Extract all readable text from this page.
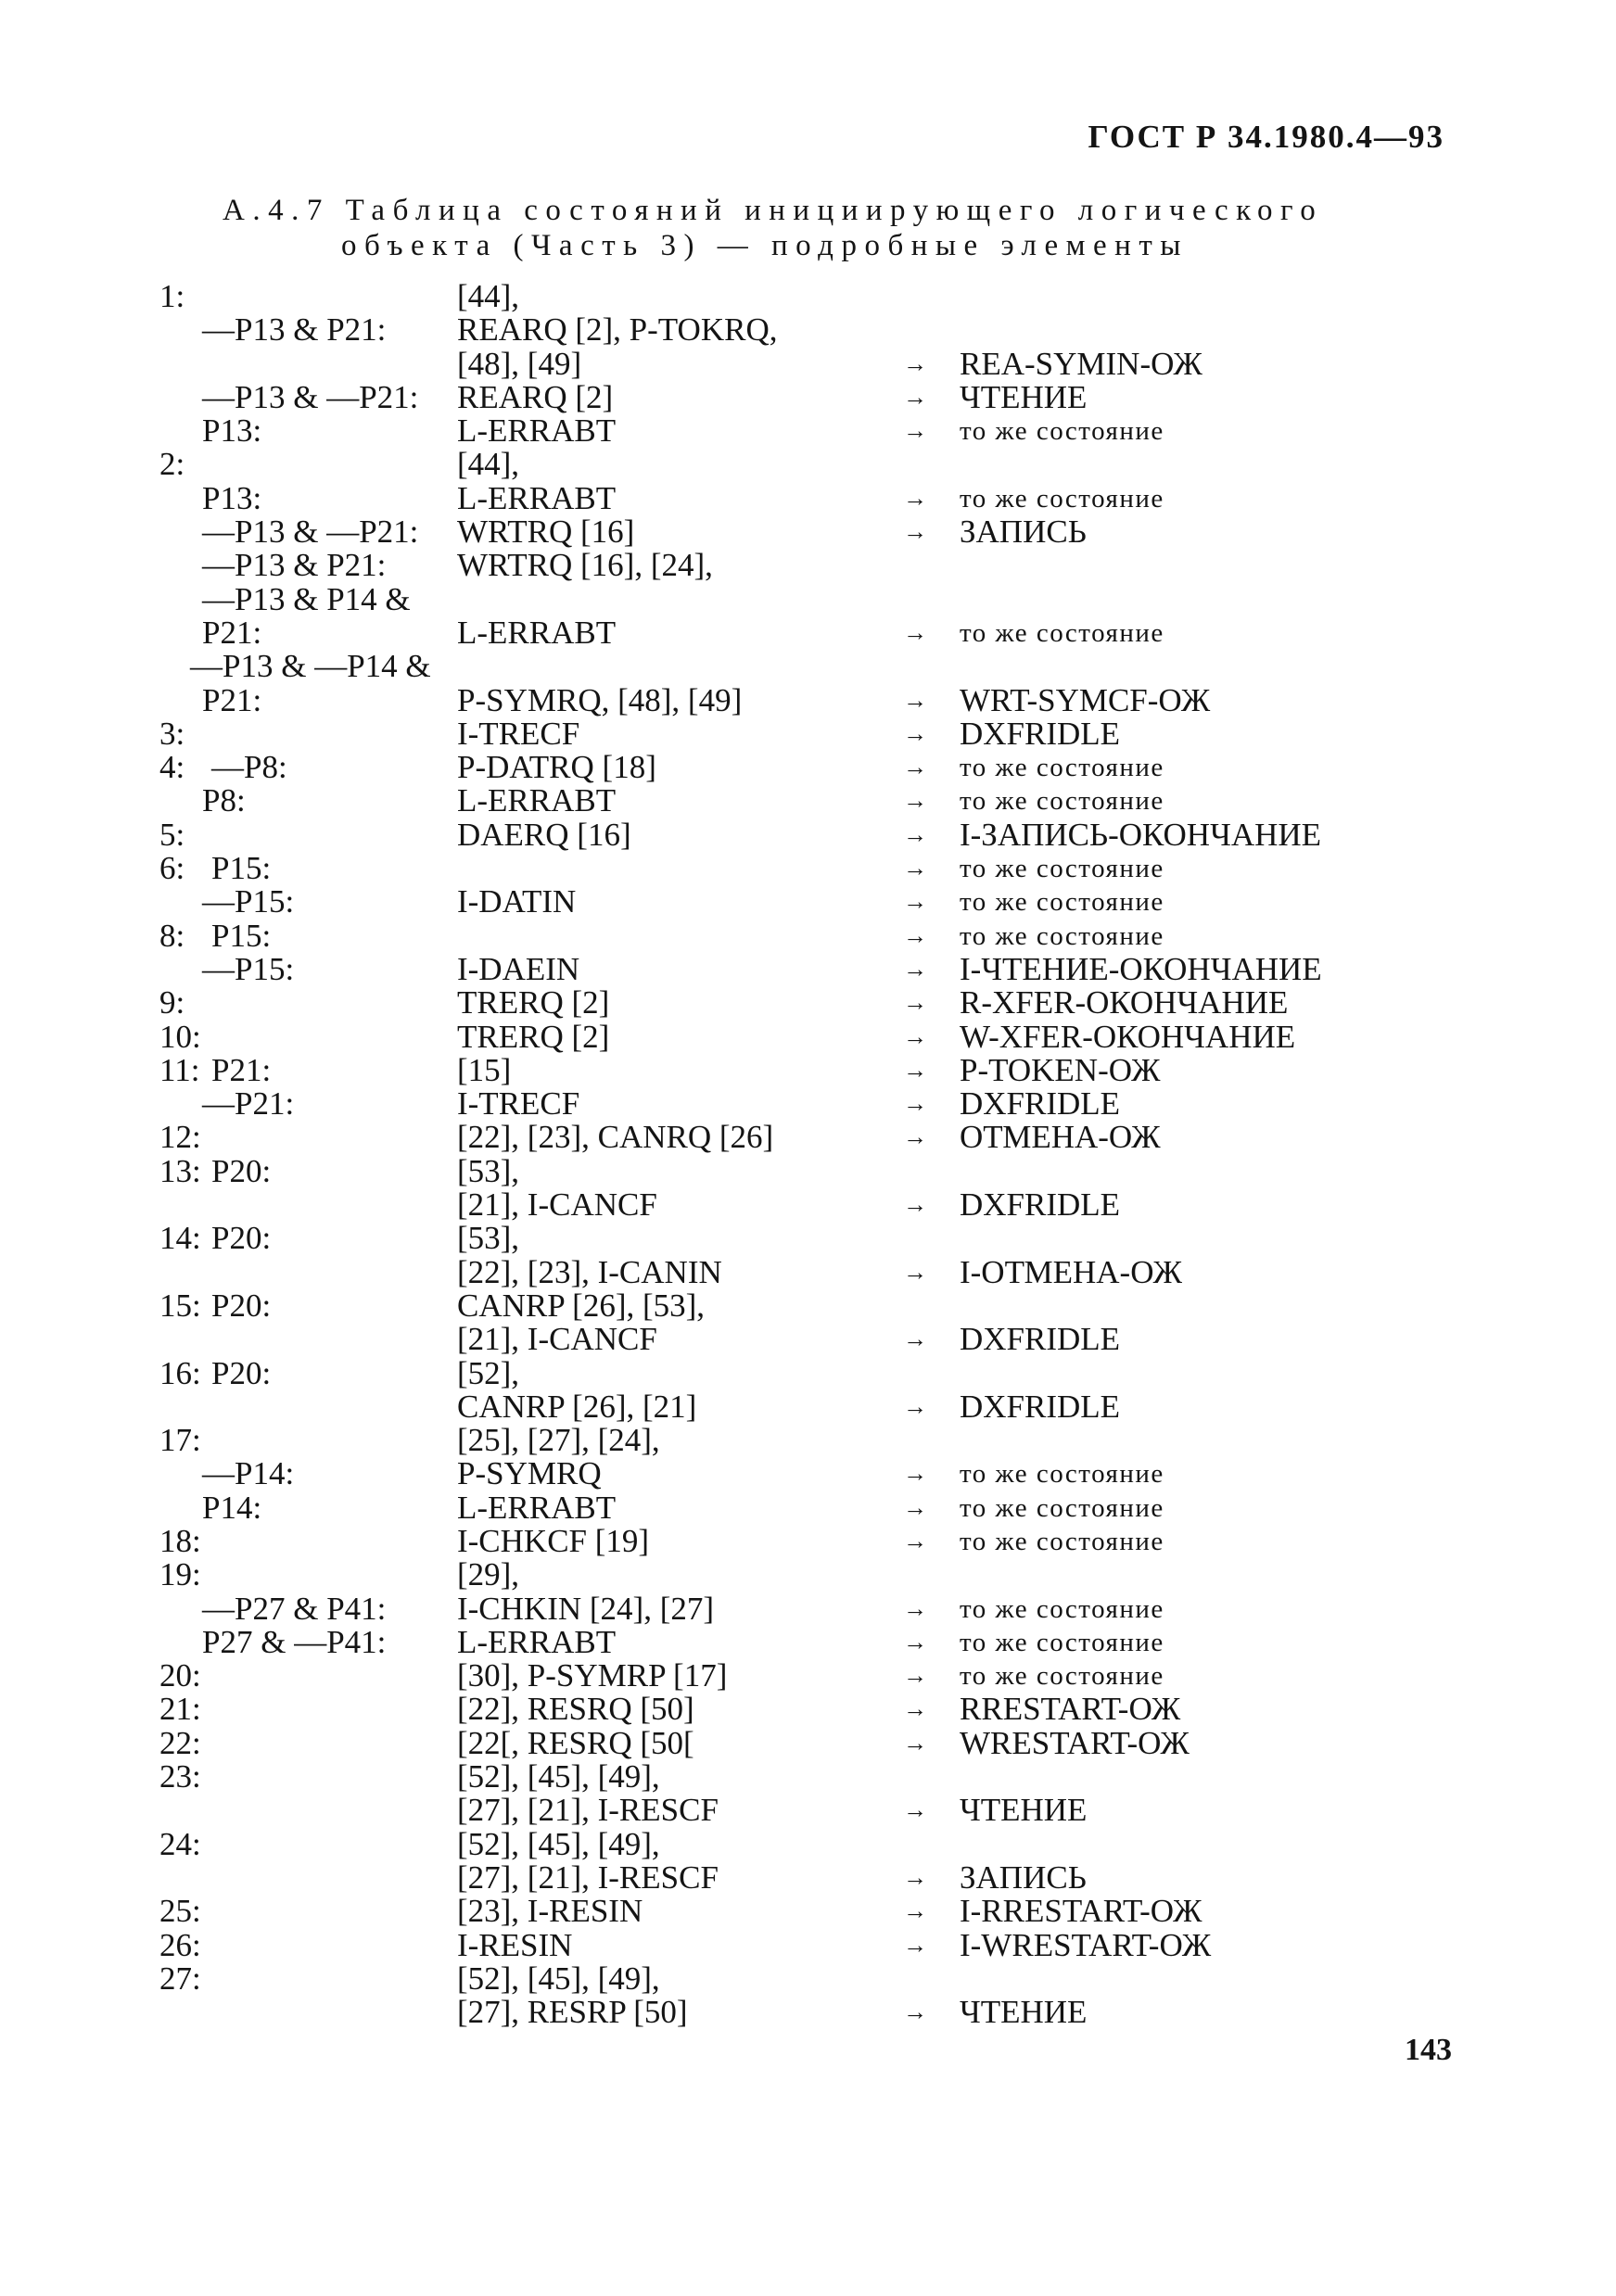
ГОСТ Р 34.1980.4—93
А.4.7 Таблица состояний инициирующего логического
объекта (Часть 3) — подробные элементы
1:	[44],
—P13 & P21: REARQ [2], P-TOKRQ,
[48], [49]	→ REA-SYMIN-ОЖ
—P13 & —P21: REARQ [2]	→ ЧТЕНИЕ
P13:	L-ERRABT	→ то же состояние
2:	[44],
P13:	L-ERRABT	→ то же состояние
—P13 & —P21: WRTRQ [16]	→ ЗАПИСЬ
—P13 & P21: WRTRQ [16], [24],
—P13 & P14 &
P21:	L-ERRABT	→ то же состояние
—P13 & —P14 &
P21:	P-SYMRQ, [48], [49]	→ WRT-SYMCF-ОЖ
3:	I-TRECF	→ DXFRIDLE
4: —P8:	P-DATRQ [18]	→ то же состояние
P8:	L-ERRABT	→ то же состояние
5:	DAERQ [16]	→ I-ЗАПИСЬ-ОКОНЧАНИЕ
6: P15:	→ то же состояние
—P15:	I-DATIN	→ то же состояние
8: P15:	→ то же состояние
—P15:	I-DAEIN	→ I-ЧТЕНИЕ-ОКОНЧАНИЕ
9:	TRERQ [2]	→ R-XFER-ОКОНЧАНИЕ
10:	TRERQ [2]	→ W-XFER-ОКОНЧАНИЕ
11: P21:	[15]	→ P-TOKEN-ОЖ
—P21:	I-TRECF	→ DXFRIDLE
12:	[22], [23], CANRQ [26]	→ ОТМЕНА-ОЖ
13: P20:	[53],
[21], I-CANCF	→ DXFRIDLE
14: P20:	[53],
[22], [23], I-CANIN	→ I-ОТМЕНА-ОЖ
15: P20:	CANRP [26], [53],
[21], I-CANCF	→ DXFRIDLE
16: P20:	[52],
CANRP [26], [21]	→ DXFRIDLE
17:	[25], [27], [24],
—P14:	P-SYMRQ	→ то же состояние
P14:	L-ERRABT	→ то же состояние
18:	I-CHKCF [19]	→ то же состояние
19:	[29],
—P27 & P41: I-CHKIN [24], [27]	→ то же состояние
P27 & —P41: L-ERRABT	→ то же состояние
20:	[30], P-SYMRP [17]	→ то же состояние
21:	[22], RESRQ [50]	→ RRESTART-ОЖ
22:	[22[, RESRQ [50[	→ WRESTART-ОЖ
23:	[52], [45], [49],
[27], [21], I-RESCF	→ ЧТЕНИЕ
24:	[52], [45], [49],
[27], [21], I-RESCF	→ ЗАПИСЬ
25:	[23], I-RESIN	→ I-RRESTART-ОЖ
26:	I-RESIN	→ I-WRESTART-ОЖ
27:	[52], [45], [49],
[27], RESRP [50]	→ ЧТЕНИЕ
143
